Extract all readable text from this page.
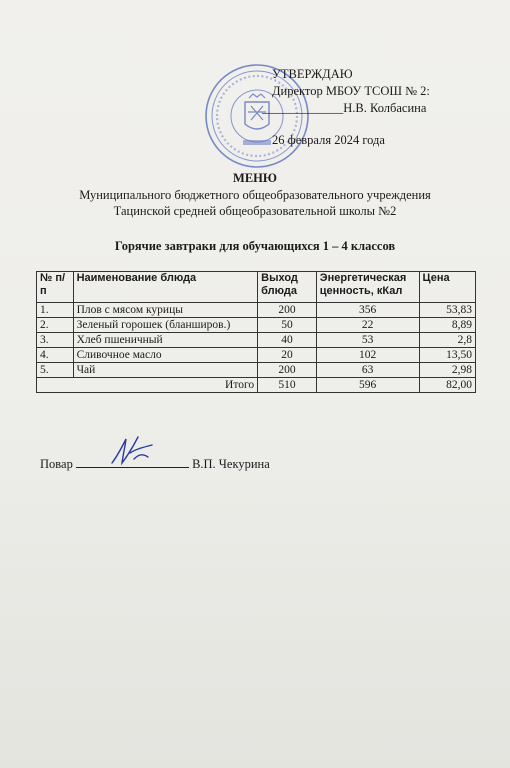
УТВЕРЖДАЮ
Директор МБОУ ТСОШ № 2:
_____________Н.В. Колбасина
26 февраля 2024 года
МЕНЮ
Муниципального бюджетного общеобразовательного учреждения
Тацинской средней общеобразовательной школы №2
Горячие завтраки для обучающихся 1 – 4 классов
№ п/п	Наименование блюда	Выход блюда	Энергетическая ценность, кКал	Цена
1.	Плов с мясом курицы	200	356	53,83
2.	Зеленый горошек (бланширов.)	50	22	8,89
3.	Хлеб пшеничный	40	53	2,8
4.	Сливочное масло	20	102	13,50
5.	Чай	200	63	2,98
Итого		510	596	82,00
Повар	В.П. Чекурина
